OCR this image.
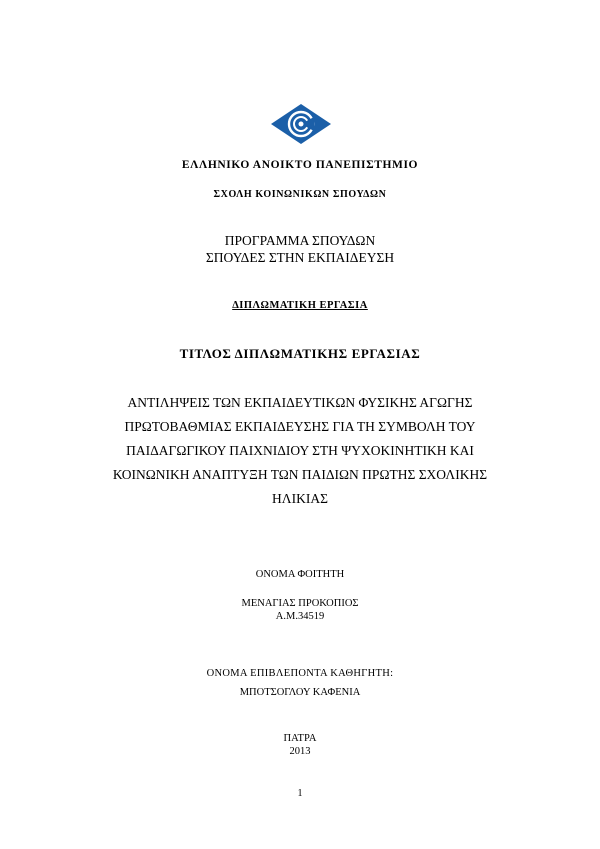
ΕΛΛΗΝΙΚΟ ΑΝΟΙΚΤΟ ΠΑΝΕΠΙΣΤΗΜΙΟ
ΣΧΟΛΗ ΚΟΙΝΩΝΙΚΩΝ ΣΠΟΥΔΩΝ
ΠΡΟΓΡΑΜΜΑ ΣΠΟΥΔΩΝ
ΣΠΟΥΔΕΣ ΣΤΗΝ ΕΚΠΑΙΔΕΥΣΗ
ΔΙΠΛΩΜΑΤΙΚΗ ΕΡΓΑΣΙΑ
ΤΙΤΛΟΣ ΔΙΠΛΩΜΑΤΙΚΗΣ ΕΡΓΑΣΙΑΣ
ΑΝΤΙΛΗΨΕΙΣ ΤΩΝ ΕΚΠΑΙΔΕΥΤΙΚΩΝ ΦΥΣΙΚΗΣ ΑΓΩΓΗΣ
ΠΡΩΤΟΒΑΘΜΙΑΣ ΕΚΠΑΙΔΕΥΣΗΣ ΓΙΑ ΤΗ ΣΥΜΒΟΛΗ ΤΟΥ
ΠΑΙΔΑΓΩΓΙΚΟΥ ΠΑΙΧΝΙΔΙΟΥ ΣΤΗ ΨΥΧΟΚΙΝΗΤΙΚΗ ΚΑΙ
ΚΟΙΝΩΝΙΚΗ ΑΝΑΠΤΥΞΗ ΤΩΝ ΠΑΙΔΙΩΝ ΠΡΩΤΗΣ ΣΧΟΛΙΚΗΣ
ΗΛΙΚΙΑΣ
ΟΝΟΜΑ ΦΟΙΤΗΤΗ
ΜΕΝΑΓΙΑΣ ΠΡΟΚΟΠΙΟΣ
Α.Μ.34519
ΟΝΟΜΑ ΕΠΙΒΛΕΠΟΝΤΑ ΚΑΘΗΓΗΤΗ:
ΜΠΟΤΣΟΓΛΟΥ ΚΑΦΕΝΙΑ
ΠΑΤΡΑ
2013
1
